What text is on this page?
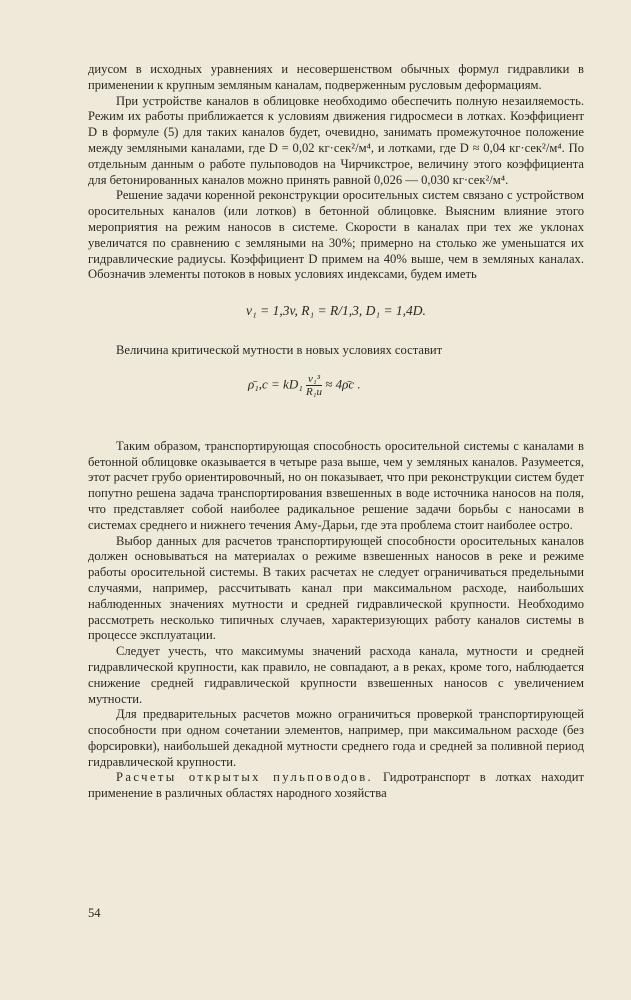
диусом в исходных уравнениях и несовершенством обычных формул гидравлики в применении к крупным земляным каналам, подверженным русловым деформациям.

При устройстве каналов в облицовке необходимо обеспечить полную незаиляемость. Режим их работы приближается к условиям движения гидросмеси в лотках. Коэффициент D в формуле (5) для таких каналов будет, очевидно, занимать промежуточное положение между земляными каналами, где D = 0,02 кг·сек²/м⁴, и лотками, где D ≈ 0,04 кг·сек²/м⁴. По отдельным данным о работе пульповодов на Чирчикстрое, величину этого коэффициента для бетонированных каналов можно принять равной 0,026 — 0,030 кг·сек²/м⁴.

Решение задачи коренной реконструкции оросительных систем связано с устройством оросительных каналов (или лотков) в бетонной облицовке. Выясним влияние этого мероприятия на режим наносов в системе. Скорости в каналах при тех же уклонах увеличатся по сравнению с земляными на 30%; примерно на столько же уменьшатся их гидравлические радиусы. Коэффициент D примем на 40% выше, чем в земляных каналах. Обозначив элементы потоков в новых условиях индексами, будем иметь

v₁ = 1,3v, R₁ = R/1,3, D₁ = 1,4D.

Величина критической мутности в новых условиях составит

ρ̄₁,с = $kD_1 \frac{\text{v₁³}}{\text{R₁u}}$ ≈ 4ρ̄с .

Таким образом, транспортирующая способность оросительной системы с каналами в бетонной облицовке оказывается в четыре раза выше, чем у земляных каналов. Разумеется, этот расчет грубо ориентировочный, но он показывает, что при реконструкции систем будет попутно решена задача транспортирования взвешенных в воде источника наносов на поля, что представляет собой наиболее радикальное решение задачи борьбы с наносами в системах среднего и нижнего течения Аму-Дарьи, где эта проблема стоит наиболее остро.

Выбор данных для расчетов транспортирующей способности оросительных каналов должен основываться на материалах о режиме взвешенных наносов в реке и режиме работы оросительной системы. В таких расчетах не следует ограничиваться предельными случаями, например, рассчитывать канал при максимальном расходе, наибольших наблюденных значениях мутности и средней гидравлической крупности. Необходимо рассмотреть несколько типичных случаев, характеризующих работу каналов системы в процессе эксплуатации.

Следует учесть, что максимумы значений расхода канала, мутности и средней гидравлической крупности, как правило, не совпадают, а в реках, кроме того, наблюдается снижение средней гидравлической крупности взвешенных наносов с увеличением мутности.

Для предварительных расчетов можно ограничиться проверкой транспортирующей способности при одном сочетании элементов, например, при максимальном расходе (без форсировки), наибольшей декадной мутности среднего года и средней за поливной период гидравлической крупности.

Расчеты открытых пульповодов. Гидротранспорт в лотках находит применение в различных областях народного хозяйства

54
